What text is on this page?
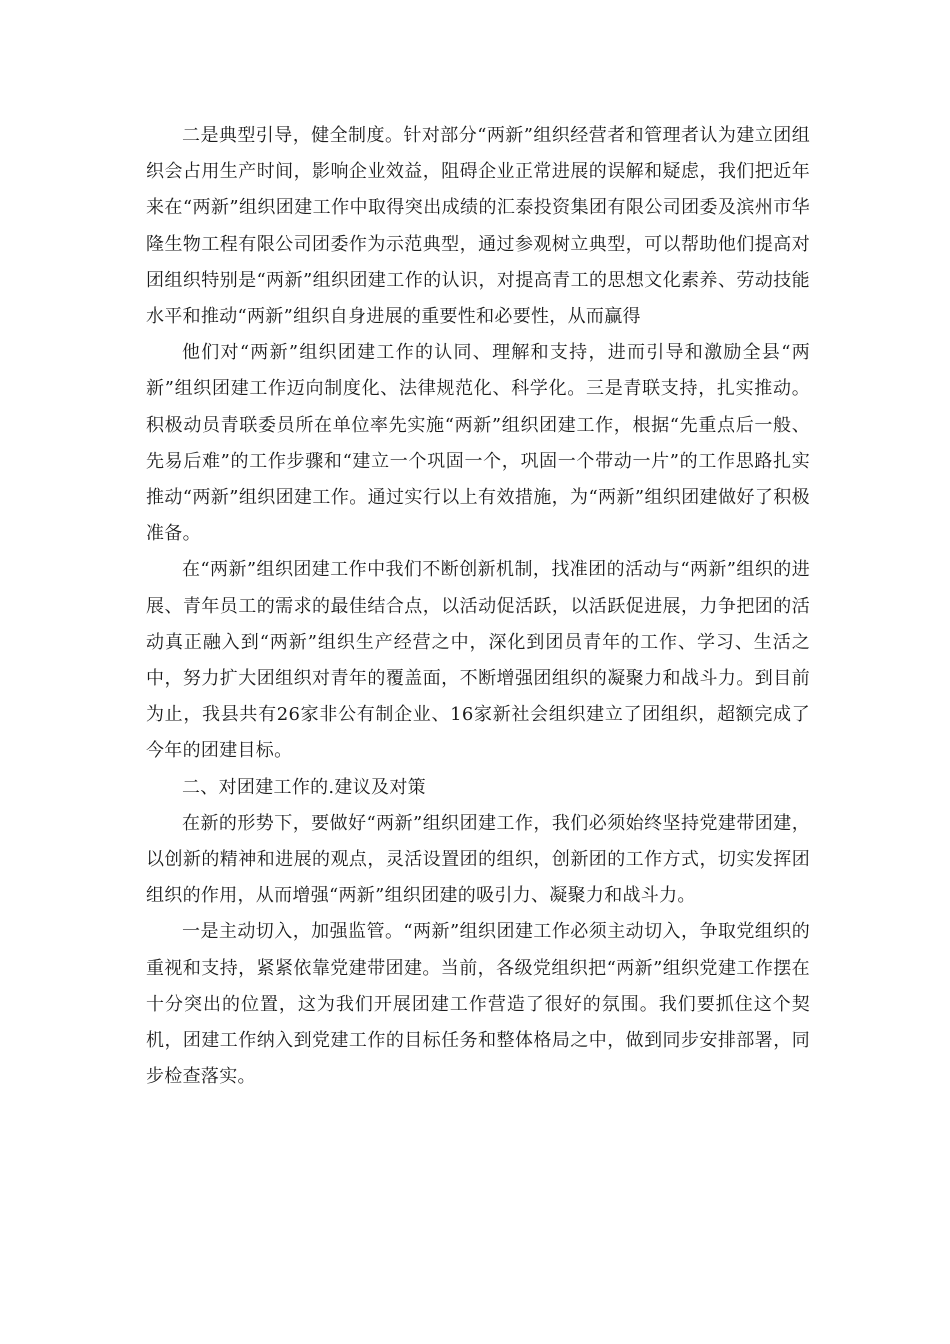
二是典型引导，健全制度。针对部分“两新”组织经营者和管理者认为建立团组织会占用生产时间，影响企业效益，阻碍企业正常进展的误解和疑虑，我们把近年来在“两新”组织团建工作中取得突出成绩的汇泰投资集团有限公司团委及滨州市华隆生物工程有限公司团委作为示范典型，通过参观树立典型，可以帮助他们提高对团组织特别是“两新”组织团建工作的认识，对提高青工的思想文化素养、劳动技能水平和推动“两新”组织自身进展的重要性和必要性，从而赢得

他们对“两新”组织团建工作的认同、理解和支持，进而引导和激励全县“两新”组织团建工作迈向制度化、法律规范化、科学化。三是青联支持，扎实推动。积极动员青联委员所在单位率先实施“两新”组织团建工作，根据“先重点后一般、先易后难”的工作步骤和“建立一个巩固一个，巩固一个带动一片”的工作思路扎实推动“两新”组织团建工作。通过实行以上有效措施，为“两新”组织团建做好了积极准备。

在“两新”组织团建工作中我们不断创新机制，找准团的活动与“两新”组织的进展、青年员工的需求的最佳结合点，以活动促活跃，以活跃促进展，力争把团的活动真正融入到“两新”组织生产经营之中，深化到团员青年的工作、学习、生活之中，努力扩大团组织对青年的覆盖面，不断增强团组织的凝聚力和战斗力。到目前为止，我县共有26家非公有制企业、16家新社会组织建立了团组织，超额完成了今年的团建目标。

二、对团建工作的.建议及对策

在新的形势下，要做好“两新”组织团建工作，我们必须始终坚持党建带团建，以创新的精神和进展的观点，灵活设置团的组织，创新团的工作方式，切实发挥团组织的作用，从而增强“两新”组织团建的吸引力、凝聚力和战斗力。

一是主动切入，加强监管。“两新”组织团建工作必须主动切入，争取党组织的重视和支持，紧紧依靠党建带团建。当前，各级党组织把“两新”组织党建工作摆在十分突出的位置，这为我们开展团建工作营造了很好的氛围。我们要抓住这个契机，团建工作纳入到党建工作的目标任务和整体格局之中，做到同步安排部署，同步检查落实。
